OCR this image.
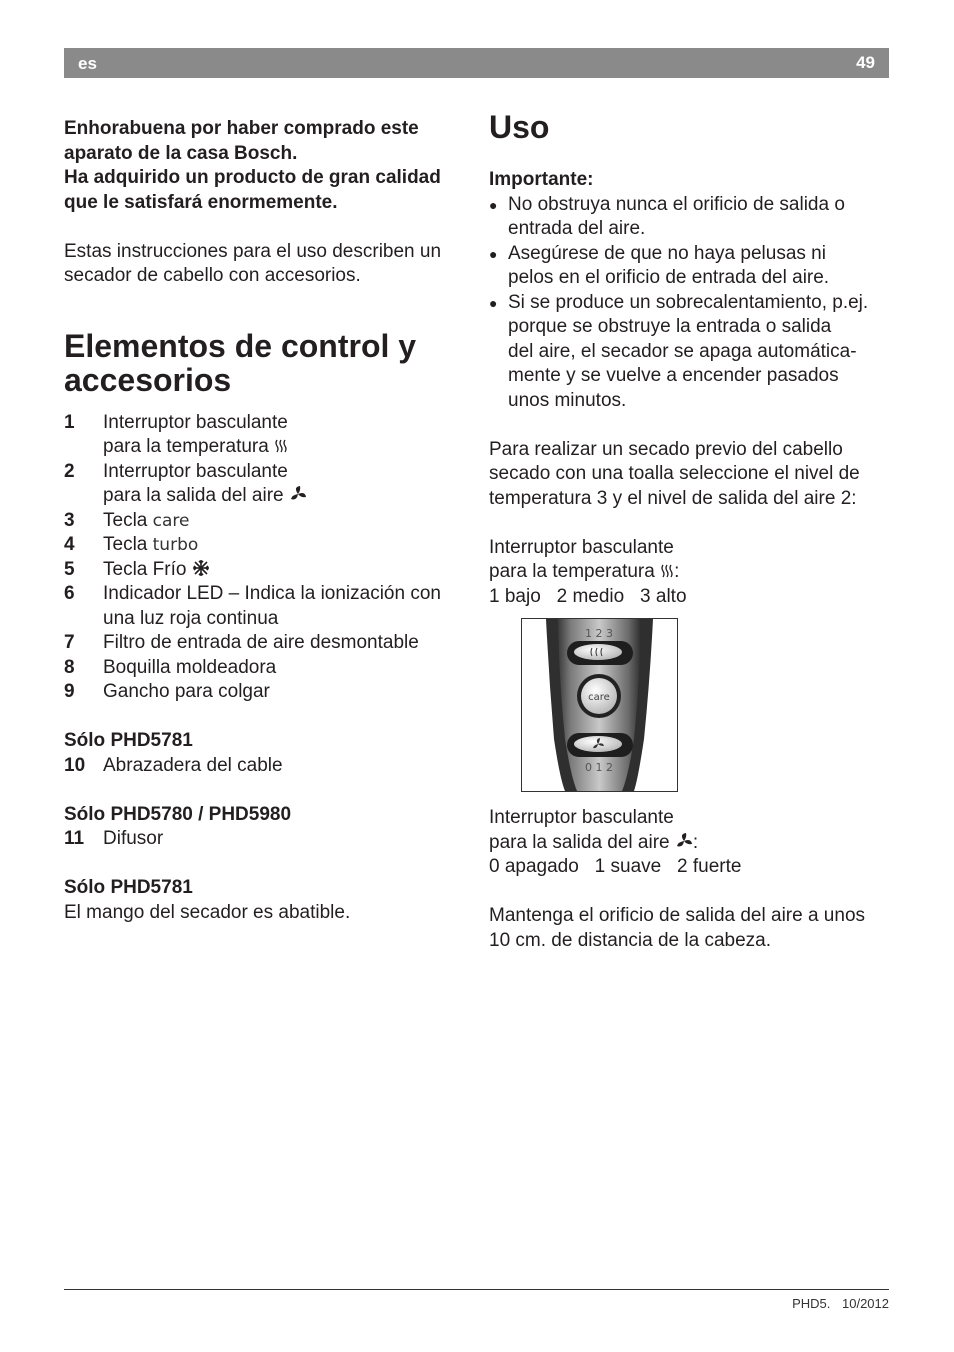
es	49

Enhorabuena por haber comprado este

aparato de la casa Bosch.

Ha adquirido un producto de gran calidad

que le satisfará enormemente.

Estas instrucciones para el uso describen un

secador de cabello con accesorios.

Elementos de control y
accesorios
1 Interruptor basculante
para la temperatura
2 Interruptor basculante
para la salida del aire
3 Tecla care
4 Tecla turbo
5 Tecla Frío
6 Indicador LED – Indica la ionización con
una luz roja continua
7 Filtro de entrada de aire desmontable
8 Boquilla moldeadora
9 Gancho para colgar

Sólo PHD5781

10 Abrazadera del cable

Sólo PHD5780 / PHD5980

11 Difusor

Sólo PHD5781

El mango del secador es abatible.

Uso

Importante:

● No obstruya nunca el orificio de salida o
entrada del aire.
● Asegúrese de que no haya pelusas ni
pelos en el orificio de entrada del aire.
● Si se produce un sobrecalentamiento, p.ej.
porque se obstruye la entrada o salida
del aire, el secador se apaga automática-
mente y se vuelve a encender pasados
unos minutos.

Para realizar un secado previo del cabello

secado con una toalla seleccione el nivel de

temperatura 3 y el nivel de salida del aire 2:

Interruptor basculante

para la temperatura :

1 bajo   2 medio   3 alto

1 2 3
care
0 1 2

Interruptor basculante

para la salida del aire :

0 apagado   1 suave   2 fuerte

Mantenga el orificio de salida del aire a unos

10 cm. de distancia de la cabeza.

PHD5. 10/2012
